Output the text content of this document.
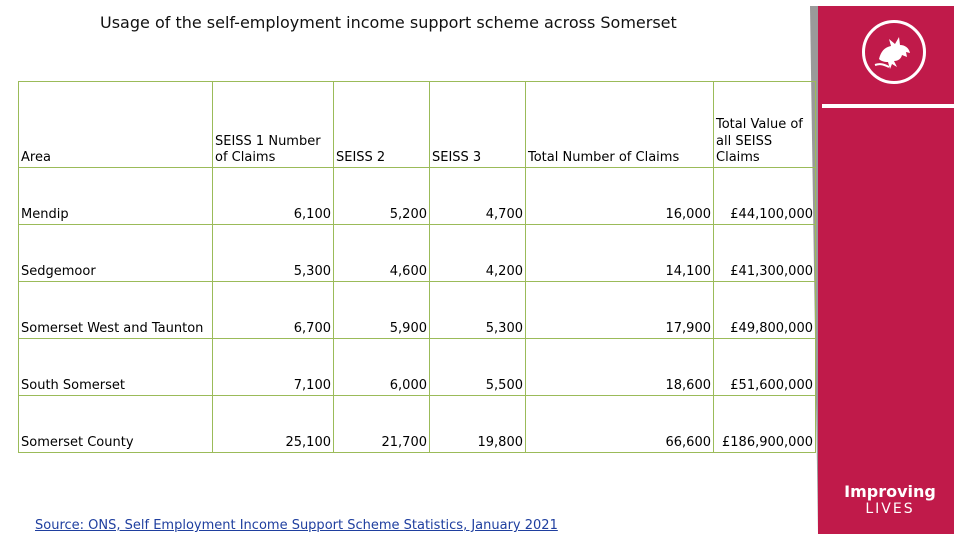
Usage of the self-employment income support scheme across Somerset
Improving
LIVES
Area	SEISS 1 Number of Claims	SEISS 2	SEISS 3	Total Number of Claims	Total Value of all SEISS Claims
Mendip	6,100	5,200	4,700	16,000	£44,100,000
Sedgemoor	5,300	4,600	4,200	14,100	£41,300,000
Somerset West and Taunton	6,700	5,900	5,300	17,900	£49,800,000
South Somerset	7,100	6,000	5,500	18,600	£51,600,000
Somerset County	25,100	21,700	19,800	66,600	£186,900,000
Source: ONS, Self Employment Income Support Scheme Statistics, January 2021
